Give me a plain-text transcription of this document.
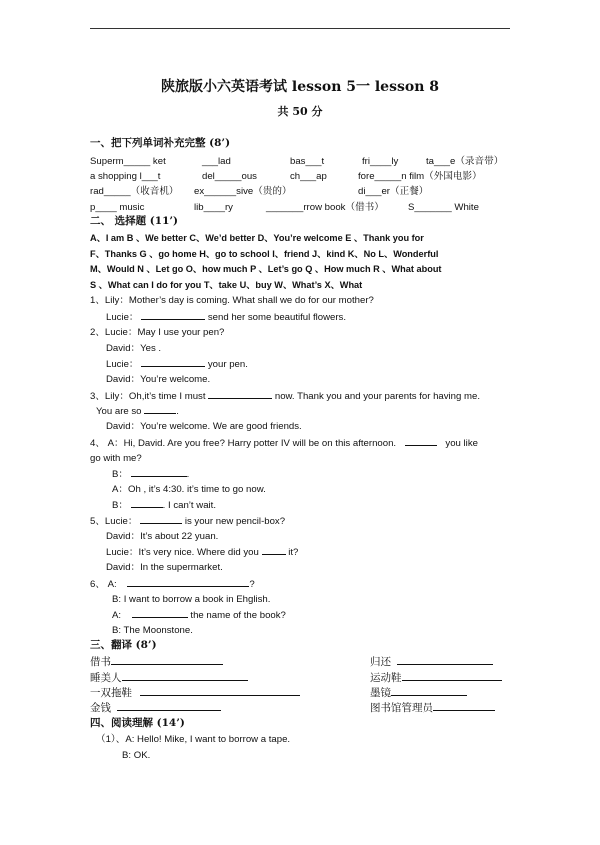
陕旅版小六英语考试 lesson 5一 lesson 8
共 50 分
一、把下列单词补充完整 (8’)
Superm_____ ket	___lad	bas___t	fri____ly	ta___e（录音带）
a shopping l___t	del_____ous	ch___ap	fore_____n film（外国电影）
rad_____（收音机） ex______sive（贵的）	di___er（正餐）
p____ music	lib____ry	_______rrow book（借书）	S_______ White
二、 选择题 (11’)
A、I am B 、We better C、We’d better D、You’re welcome E 、Thank you for
F、Thanks G 、go home H、go to school I、friend J、kind K、No L、Wonderful
M、Would N 、Let go O、how much P 、Let’s go Q 、How much R 、What about
S 、What can I do for you T、take U、buy W、What’s X、What
1、Lily：Mother’s day is coming. What shall we do for our mother?
Lucie：	send her some beautiful flowers.
2、Lucie：May I use your pen?
David：Yes .
Lucie：	your pen.
David：You’re welcome.
3、Lily：Oh,it’s time I must	now. Thank you and your parents for having me.
You are so	.
David：You’re welcome. We are good friends.
4、 A：Hi, David. Are you free? Harry potter IV will be on this afternoon.	you like
go with me?
B：	.
A：Oh , it’s 4:30. it’s time to go now.
B：	. I can’t wait.
5、Lucie：	is your new pencil-box?
David：It’s about 22 yuan.
Lucie：It’s very nice. Where did you	it?
David：In the supermarket.
6、 A:	?
B: I want to borrow a book in Ehglish.
A:	the name of the book?
B: The Moonstone.
三、翻译 (8’)
借书	归还
睡美人	运动鞋
一双拖鞋	墨镜
金钱	图书馆管理员
四、阅读理解 (14’)
（1）、A: Hello! Mike, I want to borrow a tape.
B: OK.
